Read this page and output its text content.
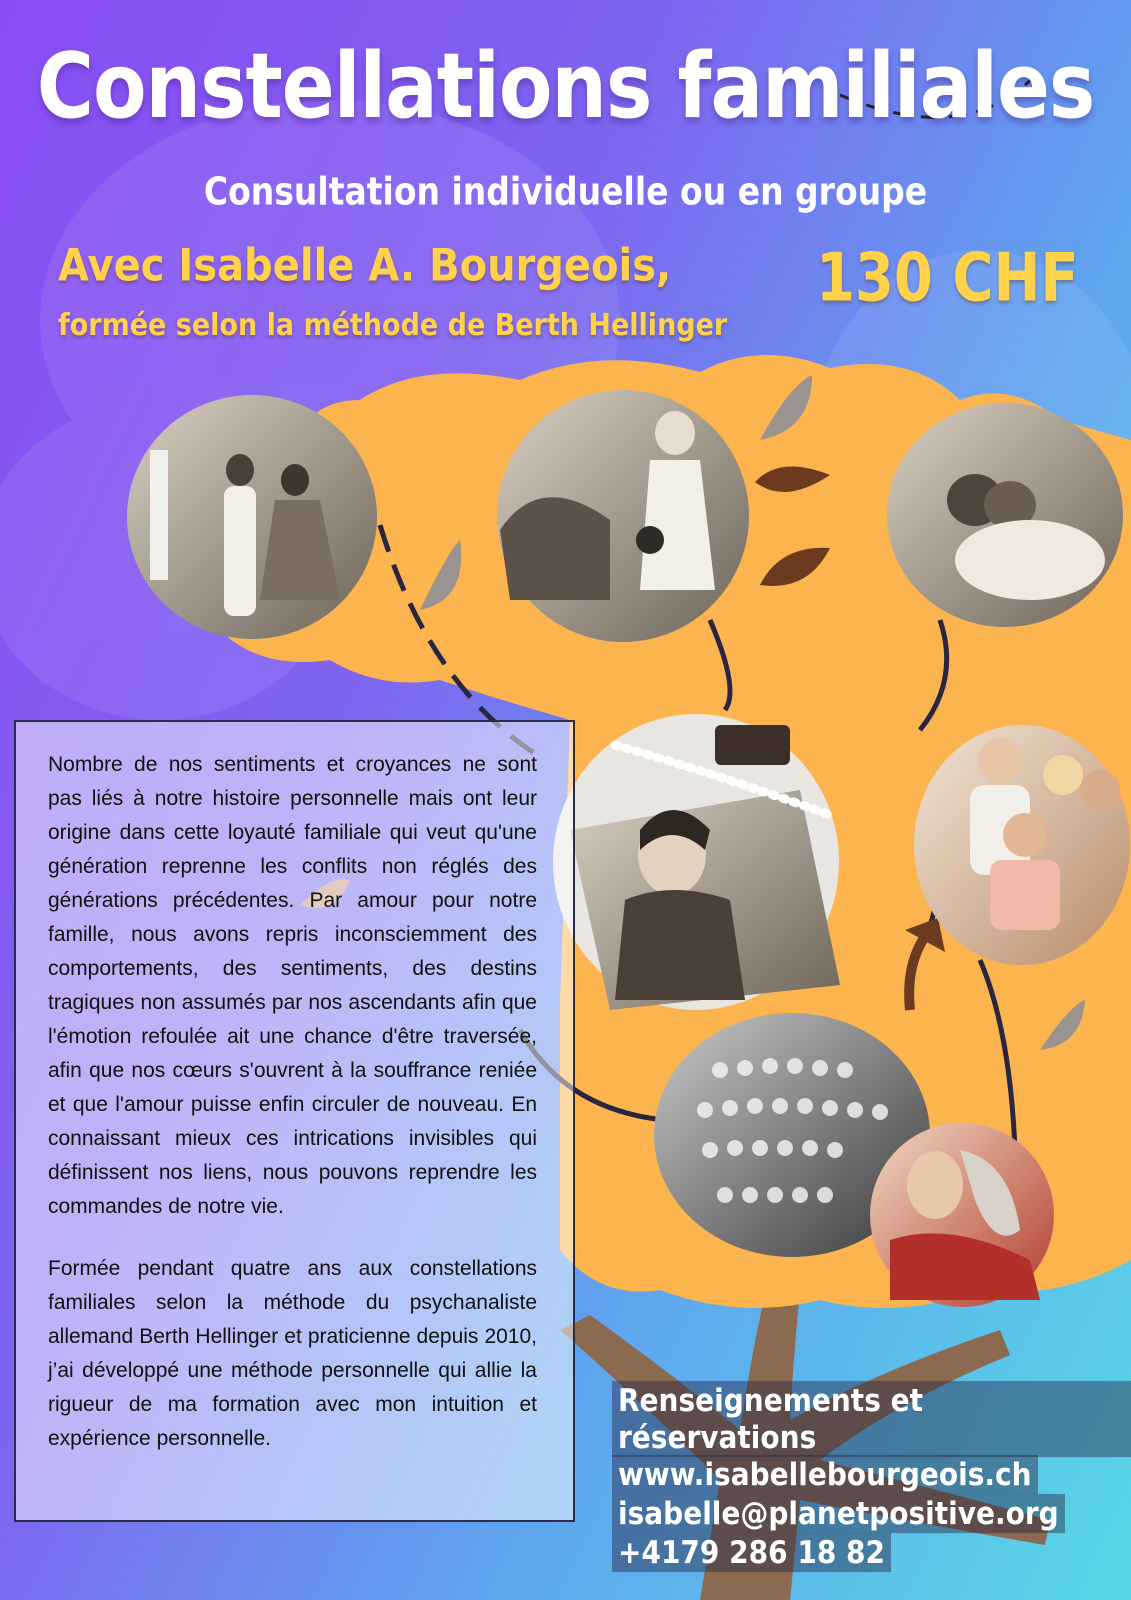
Constellations familiales
Consultation individuelle ou en groupe
Avec Isabelle A. Bourgeois,
formée selon la méthode de Berth Hellinger
130 CHF

Nombre de nos sentiments et croyances ne sont pas liés à notre histoire personnelle mais ont leur origine dans cette loyauté familiale qui veut qu'une génération reprenne les conflits non réglés des générations précédentes. Par amour pour notre famille, nous avons repris inconsciemment des comportements, des sentiments, des destins tragiques non assumés par nos ascendants afin que l'émotion refoulée ait une chance d'être traversée, afin que nos cœurs s'ouvrent à la souffrance reniée et que l'amour puisse enfin circuler de nouveau. En connaissant mieux ces intrications invisibles qui définissent nos liens, nous pouvons reprendre les commandes de notre vie.

Formée pendant quatre ans aux constellations familiales selon la méthode du psychanaliste allemand Berth Hellinger et praticienne depuis 2010, j’ai développé une méthode personnelle qui allie la rigueur de ma formation avec mon intuition et expérience personnelle.

Renseignements et réservations
www.isabellebourgeois.ch
isabelle@planetpositive.org
+4179 286 18 82
